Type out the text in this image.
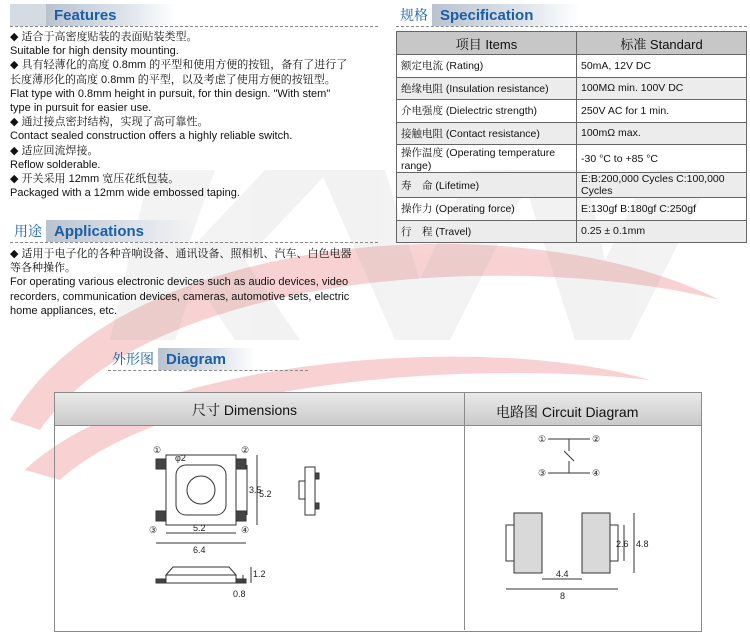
Features

◆ 适合于高密度贴装的表面贴装类型。

Suitable for high density mounting.

◆ 具有轻薄化的高度 0.8mm 的平型和使用方便的按钮，备有了进行了

长度薄形化的高度 0.8mm 的平型，以及考虑了使用方便的按钮型。

Flat type with 0.8mm height in pursuit, for thin design. "With stem"

type in pursuit for easier use.

◆ 通过接点密封结构，实现了高可靠性。

Contact sealed construction offers a highly reliable switch.

◆ 适应回流焊接。

Reflow solderable.

◆ 开关采用 12mm 宽压花纸包装。

Packaged with a 12mm wide embossed taping.

规格 Specification
项目 Items	标准 Standard
额定电流 (Rating)	50mA, 12V DC
绝缘电阻 (Insulation resistance)	100MΩ min. 100V DC
介电强度 (Dielectric strength)	250V AC for 1 min.
接触电阻 (Contact resistance)	100mΩ max.
操作温度 (Operating temperature range)	-30 °C to +85 °C
寿　命 (Lifetime)	E:B:200,000 Cycles C:100,000 Cycles
操作力 (Operating force)	E:130gf B:180gf C:250gf
行　程 (Travel)	0.25 ± 0.1mm
用途 Applications

◆ 适用于电子化的各种音响设备、通讯设备、照相机、汽车、白色电器

等各种操作。

For operating various electronic devices such as audio devices, video

recorders, communication devices, cameras, automotive sets, electric

home appliances, etc.

外形图 Diagram
尺寸 Dimensions	电路图 Circuit Diagram
①	②
③	④
φ2
5.2
6.4
3.5
5.2
1.2
0.8
①	②
③	④
2.6 4.8
4.4
8
